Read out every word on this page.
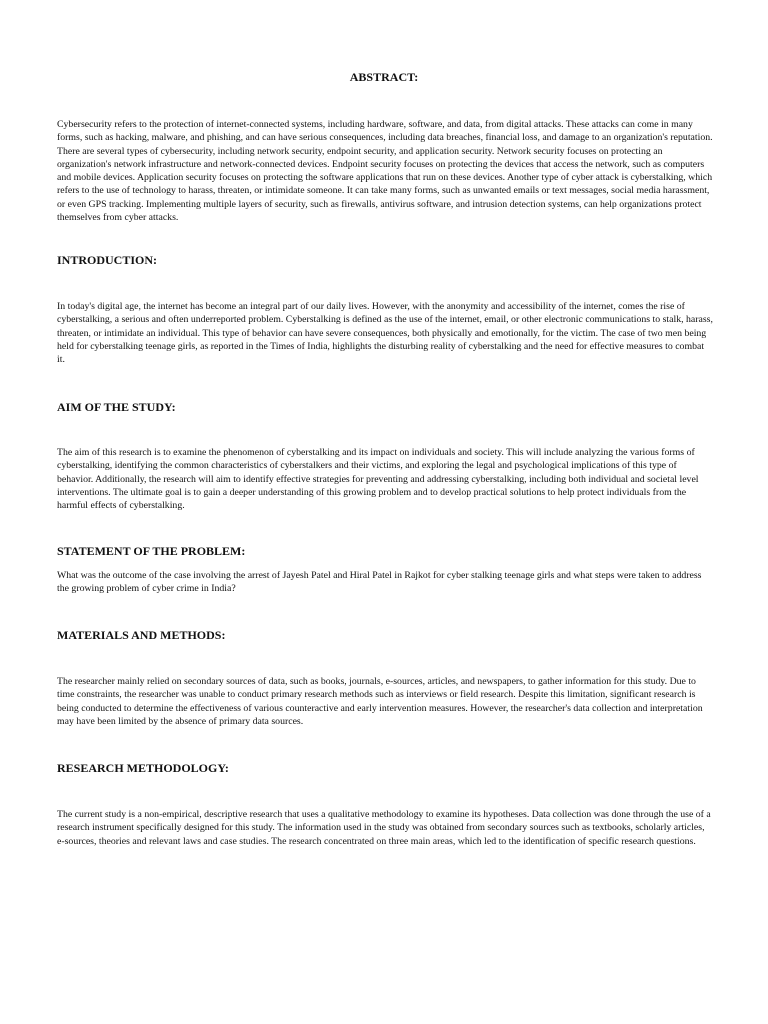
ABSTRACT:

Cybersecurity refers to the protection of internet-connected systems, including hardware, software, and data, from digital attacks. These attacks can come in many forms, such as hacking, malware, and phishing, and can have serious consequences, including data breaches, financial loss, and damage to an organization's reputation. There are several types of cybersecurity, including network security, endpoint security, and application security. Network security focuses on protecting an organization's network infrastructure and network-connected devices. Endpoint security focuses on protecting the devices that access the network, such as computers and mobile devices. Application security focuses on protecting the software applications that run on these devices. Another type of cyber attack is cyberstalking, which refers to the use of technology to harass, threaten, or intimidate someone. It can take many forms, such as unwanted emails or text messages, social media harassment, or even GPS tracking. Implementing multiple layers of security, such as firewalls, antivirus software, and intrusion detection systems, can help organizations protect themselves from cyber attacks.

INTRODUCTION:

In today's digital age, the internet has become an integral part of our daily lives. However, with the anonymity and accessibility of the internet, comes the rise of cyberstalking, a serious and often underreported problem. Cyberstalking is defined as the use of the internet, email, or other electronic communications to stalk, harass, threaten, or intimidate an individual. This type of behavior can have severe consequences, both physically and emotionally, for the victim. The case of two men being held for cyberstalking teenage girls, as reported in the Times of India, highlights the disturbing reality of cyberstalking and the need for effective measures to combat it.

AIM OF THE STUDY:

The aim of this research is to examine the phenomenon of cyberstalking and its impact on individuals and society. This will include analyzing the various forms of cyberstalking, identifying the common characteristics of cyberstalkers and their victims, and exploring the legal and psychological implications of this type of behavior. Additionally, the research will aim to identify effective strategies for preventing and addressing cyberstalking, including both individual and societal level interventions. The ultimate goal is to gain a deeper understanding of this growing problem and to develop practical solutions to help protect individuals from the harmful effects of cyberstalking.

STATEMENT OF THE PROBLEM:

What was the outcome of the case involving the arrest of Jayesh Patel and Hiral Patel in Rajkot for cyber stalking teenage girls and what steps were taken to address the growing problem of cyber crime in India?

MATERIALS AND METHODS:

The researcher mainly relied on secondary sources of data, such as books, journals, e-sources, articles, and newspapers, to gather information for this study. Due to time constraints, the researcher was unable to conduct primary research methods such as interviews or field research. Despite this limitation, significant research is being conducted to determine the effectiveness of various counteractive and early intervention measures. However, the researcher's data collection and interpretation may have been limited by the absence of primary data sources.

RESEARCH METHODOLOGY:

The current study is a non-empirical, descriptive research that uses a qualitative methodology to examine its hypotheses. Data collection was done through the use of a research instrument specifically designed for this study. The information used in the study was obtained from secondary sources such as textbooks, scholarly articles, e-sources, theories and relevant laws and case studies. The research concentrated on three main areas, which led to the identification of specific research questions.
